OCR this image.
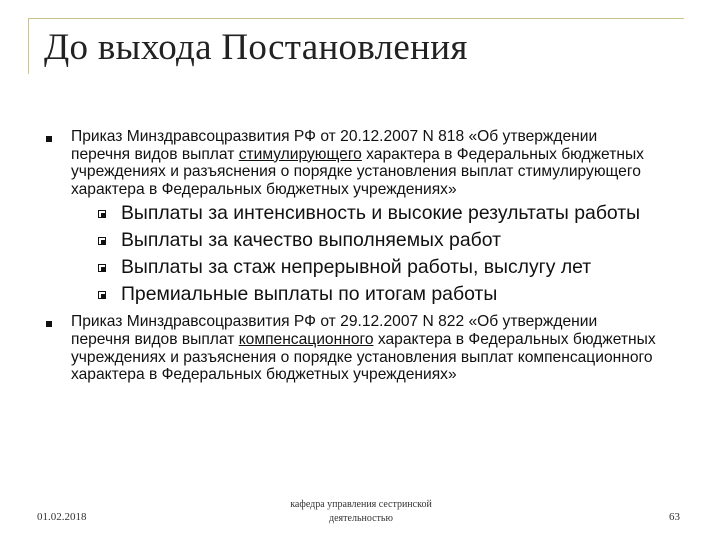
До выхода Постановления
Приказ Минздравсоцразвития РФ от 20.12.2007 N 818 «Об утверждении перечня видов выплат стимулирующего характера в Федеральных бюджетных учреждениях и разъяснения о порядке установления выплат стимулирующего характера в Федеральных бюджетных учреждениях»
Выплаты за интенсивность и высокие результаты работы
Выплаты за качество выполняемых работ
Выплаты за стаж непрерывной работы, выслугу лет
Премиальные выплаты по итогам работы
Приказ Минздравсоцразвития РФ от 29.12.2007 N 822 «Об утверждении перечня видов выплат компенсационного характера в Федеральных бюджетных учреждениях и разъяснения о порядке установления выплат компенсационного характера в Федеральных бюджетных учреждениях»
01.02.2018
кафедра управления сестринской
деятельностью	63
